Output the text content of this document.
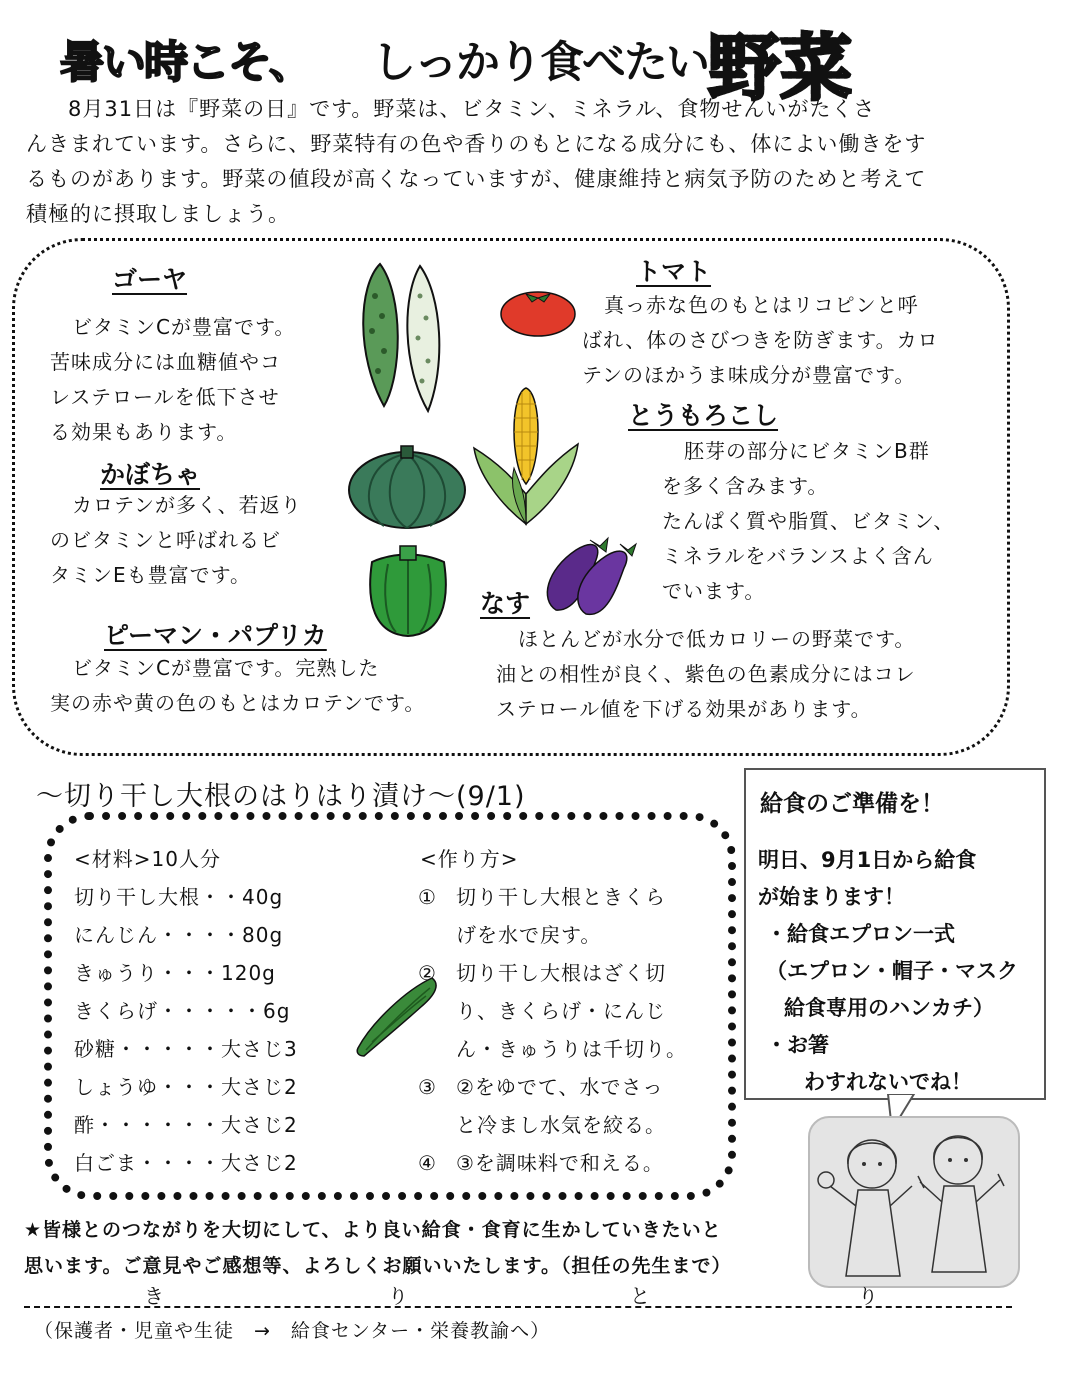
暑い時こそ、 しっかり食べたい 野菜
8月31日は『野菜の日』です。野菜は、ビタミン、ミネラル、食物せんいがたくさ
んきまれています。さらに、野菜特有の色や香りのもとになる成分にも、体によい働きをす
るものがあります。野菜の値段が高くなっていますが、健康維持と病気予防のためと考えて
積極的に摂取しましょう。
ゴーヤ
ビタミンCが豊富です。
苦味成分には血糖値やコ
レステロールを低下させ
る効果もあります。
かぼちゃ
カロテンが多く、若返り
のビタミンと呼ばれるビ
タミンEも豊富です。
ピーマン・パプリカ
ビタミンCが豊富です。完熟した
実の赤や黄の色のもとはカロテンです。
トマト
真っ赤な色のもとはリコピンと呼
ばれ、体のさびつきを防ぎます。カロ
テンのほかうま味成分が豊富です。
とうもろこし
胚芽の部分にビタミンB群
を多く含みます。
たんぱく質や脂質、ビタミン、
ミネラルをバランスよく含ん
でいます。
なす
ほとんどが水分で低カロリーの野菜です。
油との相性が良く、紫色の色素成分にはコレ
ステロール値を下げる効果があります。
〜切り干し大根のはりはり漬け〜(9/1)
<材料>10人分
切り干し大根・・40g
にんじん・・・・80g
きゅうり・・・120g
きくらげ・・・・・6g
砂糖・・・・・大さじ3
しょうゆ・・・大さじ2
酢・・・・・・大さじ2
白ごま・・・・大さじ2
<作り方>
① 切り干し大根ときくら
げを水で戻す。
② 切り干し大根はざく切
り、きくらげ・にんじ
ん・きゅうりは千切り。
③ ②をゆでて、水でさっ
と冷まし水気を絞る。
④ ③を調味料で和える。
給食のご準備を！
明日、9月1日から給食
が始まります！
・給食エプロン一式
（エプロン・帽子・マスク
給食専用のハンカチ）
・お箸
わすれないでね！
★皆様とのつながりを大切にして、より良い給食・食育に生かしていきたいと
思います。ご意見やご感想等、よろしくお願いいたします。（担任の先生まで）
き	り	と	り
（保護者・児童や生徒　→　給食センター・栄養教諭へ）
